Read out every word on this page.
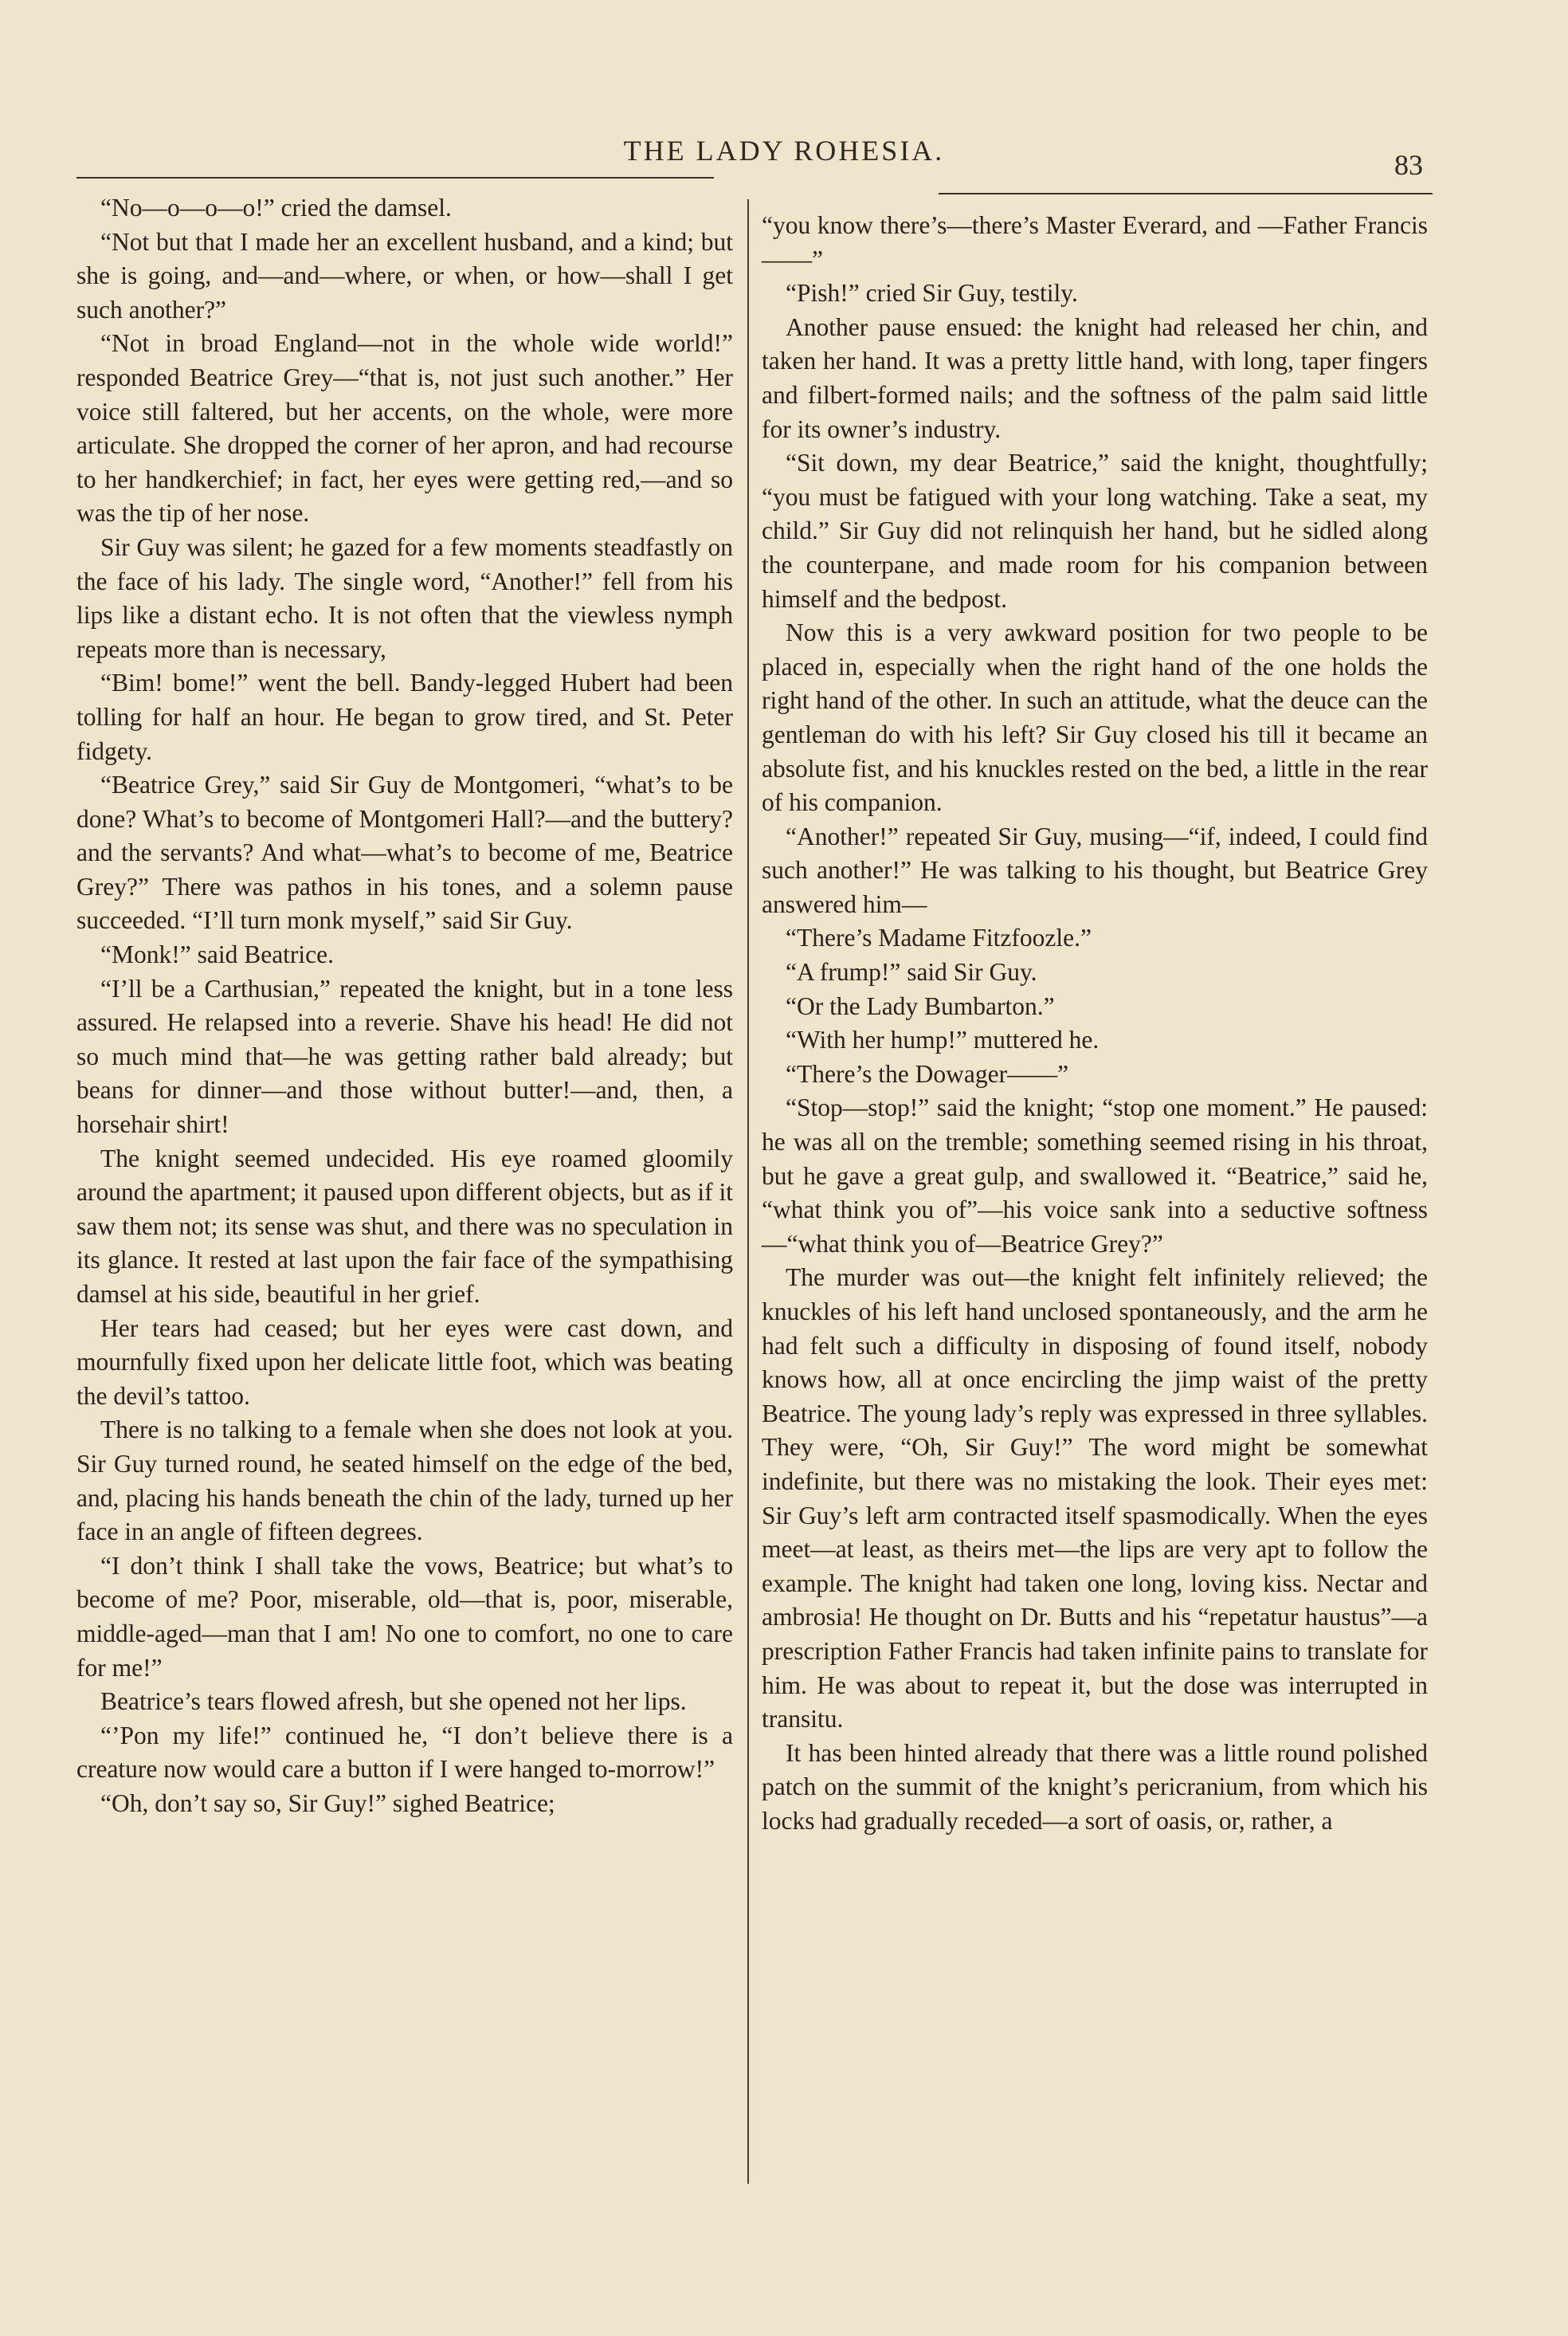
THE LADY ROHESIA.	83

“No—o—o—o!” cried the damsel.

“Not but that I made her an excellent husband, and a kind; but she is going, and—and—where, or when, or how—shall I get such another?”

“Not in broad England—not in the whole wide world!” responded Beatrice Grey—“that is, not just such another.” Her voice still faltered, but her accents, on the whole, were more articulate. She dropped the corner of her apron, and had recourse to her handkerchief; in fact, her eyes were getting red,—and so was the tip of her nose.

Sir Guy was silent; he gazed for a few moments steadfastly on the face of his lady. The single word, “Another!” fell from his lips like a distant echo. It is not often that the viewless nymph repeats more than is necessary,

“Bim! bome!” went the bell. Bandy-legged Hubert had been tolling for half an hour. He began to grow tired, and St. Peter fidgety.

“Beatrice Grey,” said Sir Guy de Montgomeri, “what’s to be done? What’s to become of Montgomeri Hall?—and the buttery? and the servants? And what—what’s to become of me, Beatrice Grey?” There was pathos in his tones, and a solemn pause succeeded. “I’ll turn monk myself,” said Sir Guy.

“Monk!” said Beatrice.

“I’ll be a Carthusian,” repeated the knight, but in a tone less assured. He relapsed into a reverie. Shave his head! He did not so much mind that—he was getting rather bald already; but beans for dinner—and those without butter!—and, then, a horsehair shirt!

The knight seemed undecided. His eye roamed gloomily around the apartment; it paused upon different objects, but as if it saw them not; its sense was shut, and there was no speculation in its glance. It rested at last upon the fair face of the sympathising damsel at his side, beautiful in her grief.

Her tears had ceased; but her eyes were cast down, and mournfully fixed upon her delicate little foot, which was beating the devil’s tattoo.

There is no talking to a female when she does not look at you. Sir Guy turned round, he seated himself on the edge of the bed, and, placing his hands beneath the chin of the lady, turned up her face in an angle of fifteen degrees.

“I don’t think I shall take the vows, Beatrice; but what’s to become of me? Poor, miserable, old—that is, poor, miserable, middle-aged—man that I am! No one to comfort, no one to care for me!”

Beatrice’s tears flowed afresh, but she opened not her lips.

“’Pon my life!” continued he, “I don’t believe there is a creature now would care a button if I were hanged to-morrow!”

“Oh, don’t say so, Sir Guy!” sighed Beatrice;

“you know there’s—there’s Master Everard, and —Father Francis——”

“Pish!” cried Sir Guy, testily.

Another pause ensued: the knight had released her chin, and taken her hand. It was a pretty little hand, with long, taper fingers and filbert-formed nails; and the softness of the palm said little for its owner’s industry.

“Sit down, my dear Beatrice,” said the knight, thoughtfully; “you must be fatigued with your long watching. Take a seat, my child.” Sir Guy did not relinquish her hand, but he sidled along the counterpane, and made room for his companion between himself and the bedpost.

Now this is a very awkward position for two people to be placed in, especially when the right hand of the one holds the right hand of the other. In such an attitude, what the deuce can the gentleman do with his left? Sir Guy closed his till it became an absolute fist, and his knuckles rested on the bed, a little in the rear of his companion.

“Another!” repeated Sir Guy, musing—“if, indeed, I could find such another!” He was talking to his thought, but Beatrice Grey answered him—

“There’s Madame Fitzfoozle.”

“A frump!” said Sir Guy.

“Or the Lady Bumbarton.”

“With her hump!” muttered he.

“There’s the Dowager——”

“Stop—stop!” said the knight; “stop one moment.” He paused: he was all on the tremble; something seemed rising in his throat, but he gave a great gulp, and swallowed it. “Beatrice,” said he, “what think you of”—his voice sank into a seductive softness—“what think you of—Beatrice Grey?”

The murder was out—the knight felt infinitely relieved; the knuckles of his left hand unclosed spontaneously, and the arm he had felt such a difficulty in disposing of found itself, nobody knows how, all at once encircling the jimp waist of the pretty Beatrice. The young lady’s reply was expressed in three syllables. They were, “Oh, Sir Guy!” The word might be somewhat indefinite, but there was no mistaking the look. Their eyes met: Sir Guy’s left arm contracted itself spasmodically. When the eyes meet—at least, as theirs met—the lips are very apt to follow the example. The knight had taken one long, loving kiss. Nectar and ambrosia! He thought on Dr. Butts and his “repetatur haustus”—a prescription Father Francis had taken infinite pains to translate for him. He was about to repeat it, but the dose was interrupted in transitu.

It has been hinted already that there was a little round polished patch on the summit of the knight’s pericranium, from which his locks had gradually receded—a sort of oasis, or, rather, a
